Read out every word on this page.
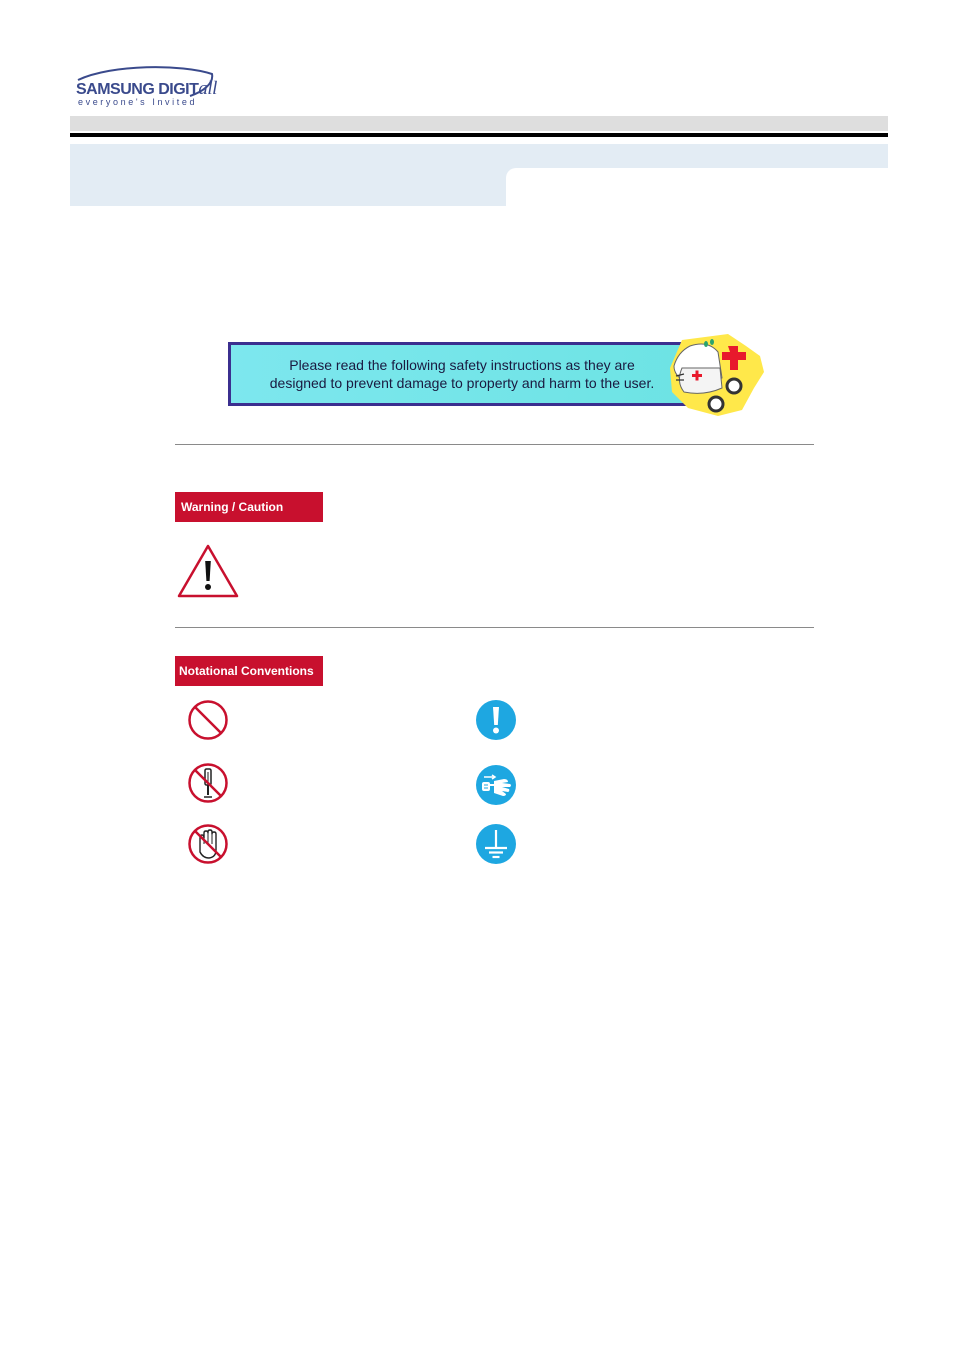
SAMSUNG DIGITall
everyone's Invited
Please read the following safety instructions as they are
designed to prevent damage to property and harm to the user.
Warning / Caution
Notational Conventions
